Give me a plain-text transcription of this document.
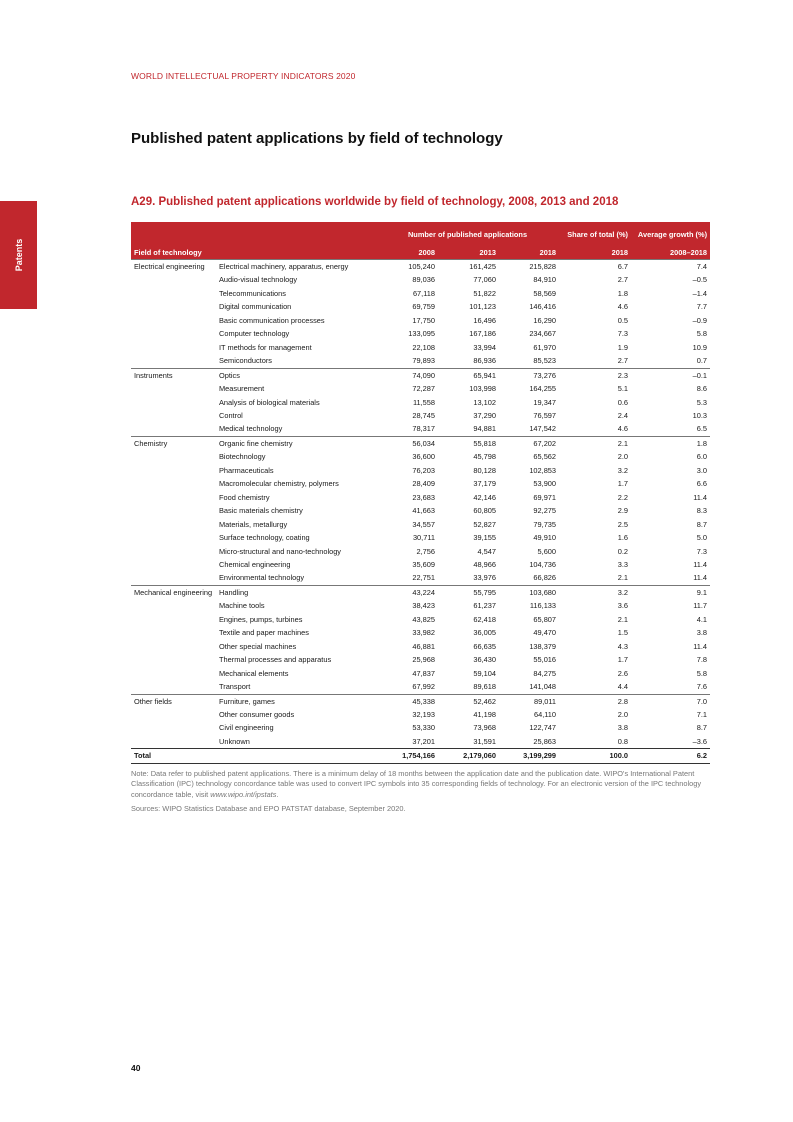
WORLD INTELLECTUAL PROPERTY INDICATORS 2020
Patents
Published patent applications by field of technology
A29. Published patent applications worldwide by field of technology, 2008, 2013 and 2018
		Number of published applications			Share of total (%)	Average growth (%)
Field of technology		2008	2013	2018	2018	2008–2018
Electrical engineering	Electrical machinery, apparatus, energy	105,240	161,425	215,828	6.7	7.4
	Audio-visual technology	89,036	77,060	84,910	2.7	–0.5
	Telecommunications	67,118	51,822	58,569	1.8	–1.4
	Digital communication	69,759	101,123	146,416	4.6	7.7
	Basic communication processes	17,750	16,496	16,290	0.5	–0.9
	Computer technology	133,095	167,186	234,667	7.3	5.8
	IT methods for management	22,108	33,994	61,970	1.9	10.9
	Semiconductors	79,893	86,936	85,523	2.7	0.7
Instruments	Optics	74,090	65,941	73,276	2.3	–0.1
	Measurement	72,287	103,998	164,255	5.1	8.6
	Analysis of biological materials	11,558	13,102	19,347	0.6	5.3
	Control	28,745	37,290	76,597	2.4	10.3
	Medical technology	78,317	94,881	147,542	4.6	6.5
Chemistry	Organic fine chemistry	56,034	55,818	67,202	2.1	1.8
	Biotechnology	36,600	45,798	65,562	2.0	6.0
	Pharmaceuticals	76,203	80,128	102,853	3.2	3.0
	Macromolecular chemistry, polymers	28,409	37,179	53,900	1.7	6.6
	Food chemistry	23,683	42,146	69,971	2.2	11.4
	Basic materials chemistry	41,663	60,805	92,275	2.9	8.3
	Materials, metallurgy	34,557	52,827	79,735	2.5	8.7
	Surface technology, coating	30,711	39,155	49,910	1.6	5.0
	Micro-structural and nano-technology	2,756	4,547	5,600	0.2	7.3
	Chemical engineering	35,609	48,966	104,736	3.3	11.4
	Environmental technology	22,751	33,976	66,826	2.1	11.4
Mechanical engineering	Handling	43,224	55,795	103,680	3.2	9.1
	Machine tools	38,423	61,237	116,133	3.6	11.7
	Engines, pumps, turbines	43,825	62,418	65,807	2.1	4.1
	Textile and paper machines	33,982	36,005	49,470	1.5	3.8
	Other special machines	46,881	66,635	138,379	4.3	11.4
	Thermal processes and apparatus	25,968	36,430	55,016	1.7	7.8
	Mechanical elements	47,837	59,104	84,275	2.6	5.8
	Transport	67,992	89,618	141,048	4.4	7.6
Other fields	Furniture, games	45,338	52,462	89,011	2.8	7.0
	Other consumer goods	32,193	41,198	64,110	2.0	7.1
	Civil engineering	53,330	73,968	122,747	3.8	8.7
	Unknown	37,201	31,591	25,863	0.8	–3.6
Total		1,754,166	2,179,060	3,199,299	100.0	6.2

Note: Data refer to published patent applications. There is a minimum delay of 18 months between the application date and the publication date. WIPO's International Patent Classification (IPC) technology concordance table was used to convert IPC symbols into 35 corresponding fields of technology. For an electronic version of the IPC technology concordance table, visit www.wipo.int/ipstats.

Sources: WIPO Statistics Database and EPO PATSTAT database, September 2020.

40
